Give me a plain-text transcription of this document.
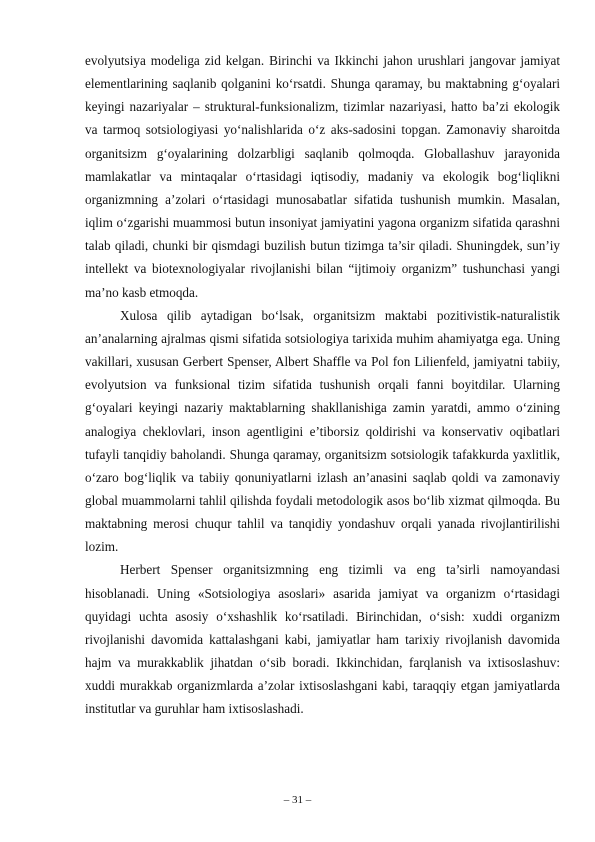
evolyutsiya modeliga zid kelgan. Birinchi va Ikkinchi jahon urushlari jangovar jamiyat elementlarining saqlanib qolganini ko‘rsatdi. Shunga qaramay, bu maktabning g‘oyalari keyingi nazariyalar – struktural-funksionalizm, tizimlar nazariyasi, hatto ba’zi ekologik va tarmoq sotsiologiyasi yo‘nalishlarida o‘z aks-sadosini topgan. Zamonaviy sharoitda organitsizm g‘oyalarining dolzarbligi saqlanib qolmoqda. Globallashuv jarayonida mamlakatlar va mintaqalar o‘rtasidagi iqtisodiy, madaniy va ekologik bog‘liqlikni organizmning a’zolari o‘rtasidagi munosabatlar sifatida tushunish mumkin. Masalan, iqlim o‘zgarishi muammosi butun insoniyat jamiyatini yagona organizm sifatida qarashni talab qiladi, chunki bir qismdagi buzilish butun tizimga ta’sir qiladi. Shuningdek, sun’iy intellekt va biotexnologiyalar rivojlanishi bilan “ijtimoiy organizm” tushunchasi yangi ma’no kasb etmoqda.

Xulosa qilib aytadigan bo‘lsak, organitsizm maktabi pozitivistik-naturalistik an’analarning ajralmas qismi sifatida sotsiologiya tarixida muhim ahamiyatga ega. Uning vakillari, xususan Gerbert Spenser, Albert Shaffle va Pol fon Lilienfeld, jamiyatni tabiiy, evolyutsion va funksional tizim sifatida tushunish orqali fanni boyitdilar. Ularning g‘oyalari keyingi nazariy maktablarning shakllanishiga zamin yaratdi, ammo o‘zining analogiya cheklovlari, inson agentligini e’tiborsiz qoldirishi va konservativ oqibatlari tufayli tanqidiy baholandi. Shunga qaramay, organitsizm sotsiologik tafakkurda yaxlitlik, o‘zaro bog‘liqlik va tabiiy qonuniyatlarni izlash an’anasini saqlab qoldi va zamonaviy global muammolarni tahlil qilishda foydali metodologik asos bo‘lib xizmat qilmoqda. Bu maktabning merosi chuqur tahlil va tanqidiy yondashuv orqali yanada rivojlantirilishi lozim.

Herbert Spenser organitsizmning eng tizimli va eng ta’sirli namoyandasi hisoblanadi. Uning «Sotsiologiya asoslari» asarida jamiyat va organizm o‘rtasidagi quyidagi uchta asosiy o‘xshashlik ko‘rsatiladi. Birinchidan, o‘sish: xuddi organizm rivojlanishi davomida kattalashgani kabi, jamiyatlar ham tarixiy rivojlanish davomida hajm va murakkablik jihatdan o‘sib boradi. Ikkinchidan, farqlanish va ixtisoslashuv: xuddi murakkab organizmlarda a’zolar ixtisoslashgani kabi, taraqqiy etgan jamiyatlarda institutlar va guruhlar ham ixtisoslashadi.

– 31 –
